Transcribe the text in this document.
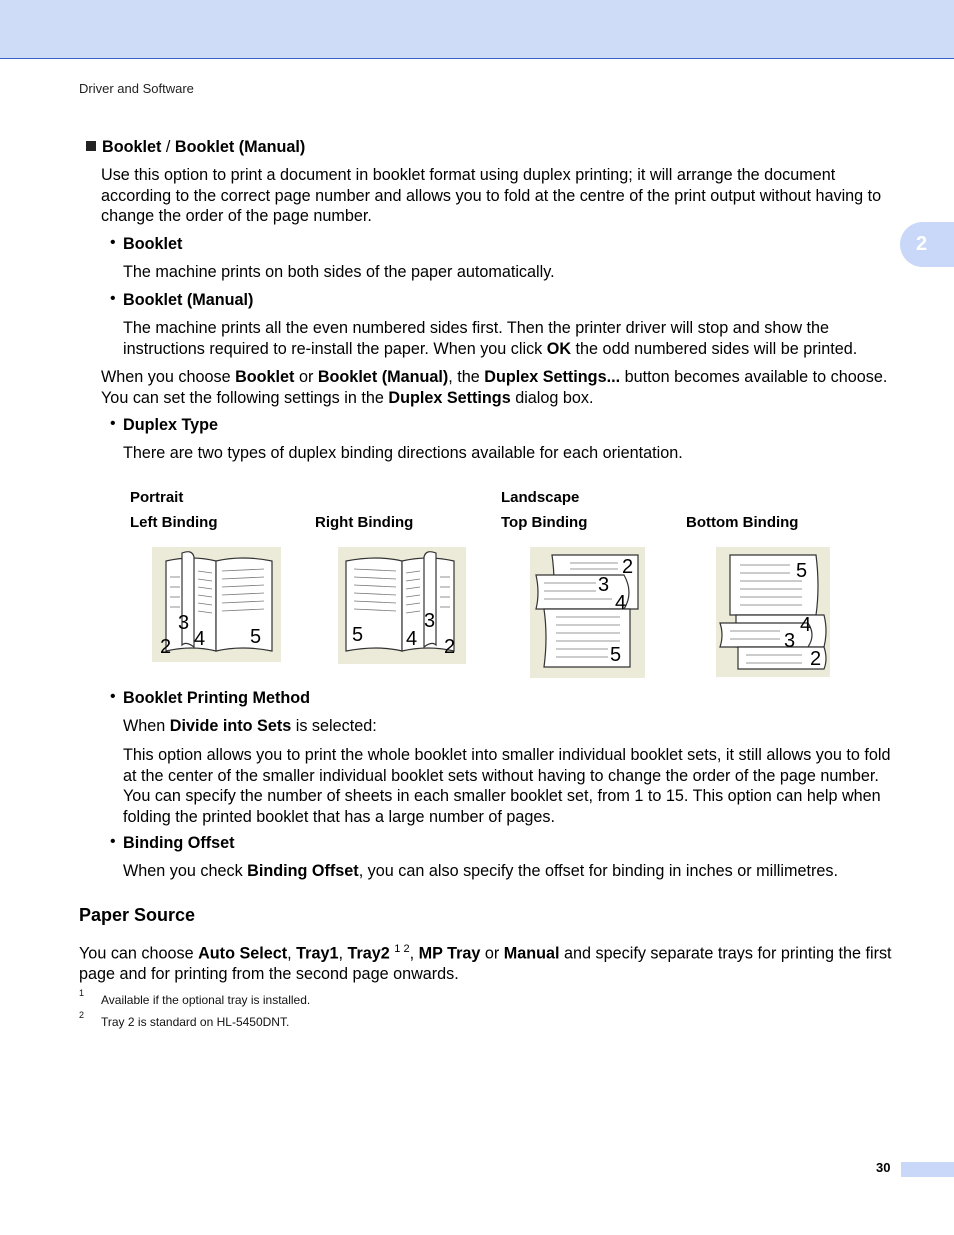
Driver and Software
2
Booklet / Booklet (Manual)
Use this option to print a document in booklet format using duplex printing; it will arrange the document according to the correct page number and allows you to fold at the centre of the print output without having to change the order of the page number.
• Booklet
The machine prints on both sides of the paper automatically.
• Booklet (Manual)
The machine prints all the even numbered sides first. Then the printer driver will stop and show the instructions required to re-install the paper. When you click OK the odd numbered sides will be printed.
When you choose Booklet or Booklet (Manual), the Duplex Settings... button becomes available to choose. You can set the following settings in the Duplex Settings dialog box.
• Duplex Type
There are two types of duplex binding directions available for each orientation.
Portrait	Landscape
Left Binding	Right Binding	Top Binding	Bottom Binding
2
3
4 5	5 4
3
2
2
3
4
5
5
4
3
2
• Booklet Printing Method
When Divide into Sets is selected:
This option allows you to print the whole booklet into smaller individual booklet sets, it still allows you to fold at the center of the smaller individual booklet sets without having to change the order of the page number. You can specify the number of sheets in each smaller booklet set, from 1 to 15. This option can help when folding the printed booklet that has a large number of pages.
• Binding Offset
When you check Binding Offset, you can also specify the offset for binding in inches or millimetres.
Paper Source
You can choose Auto Select, Tray1, Tray2 $^{1 2}$, MP Tray or Manual and specify separate trays for printing the first page and for printing from the second page onwards.
1 Available if the optional tray is installed.
2 Tray 2 is standard on HL-5450DNT.
30
